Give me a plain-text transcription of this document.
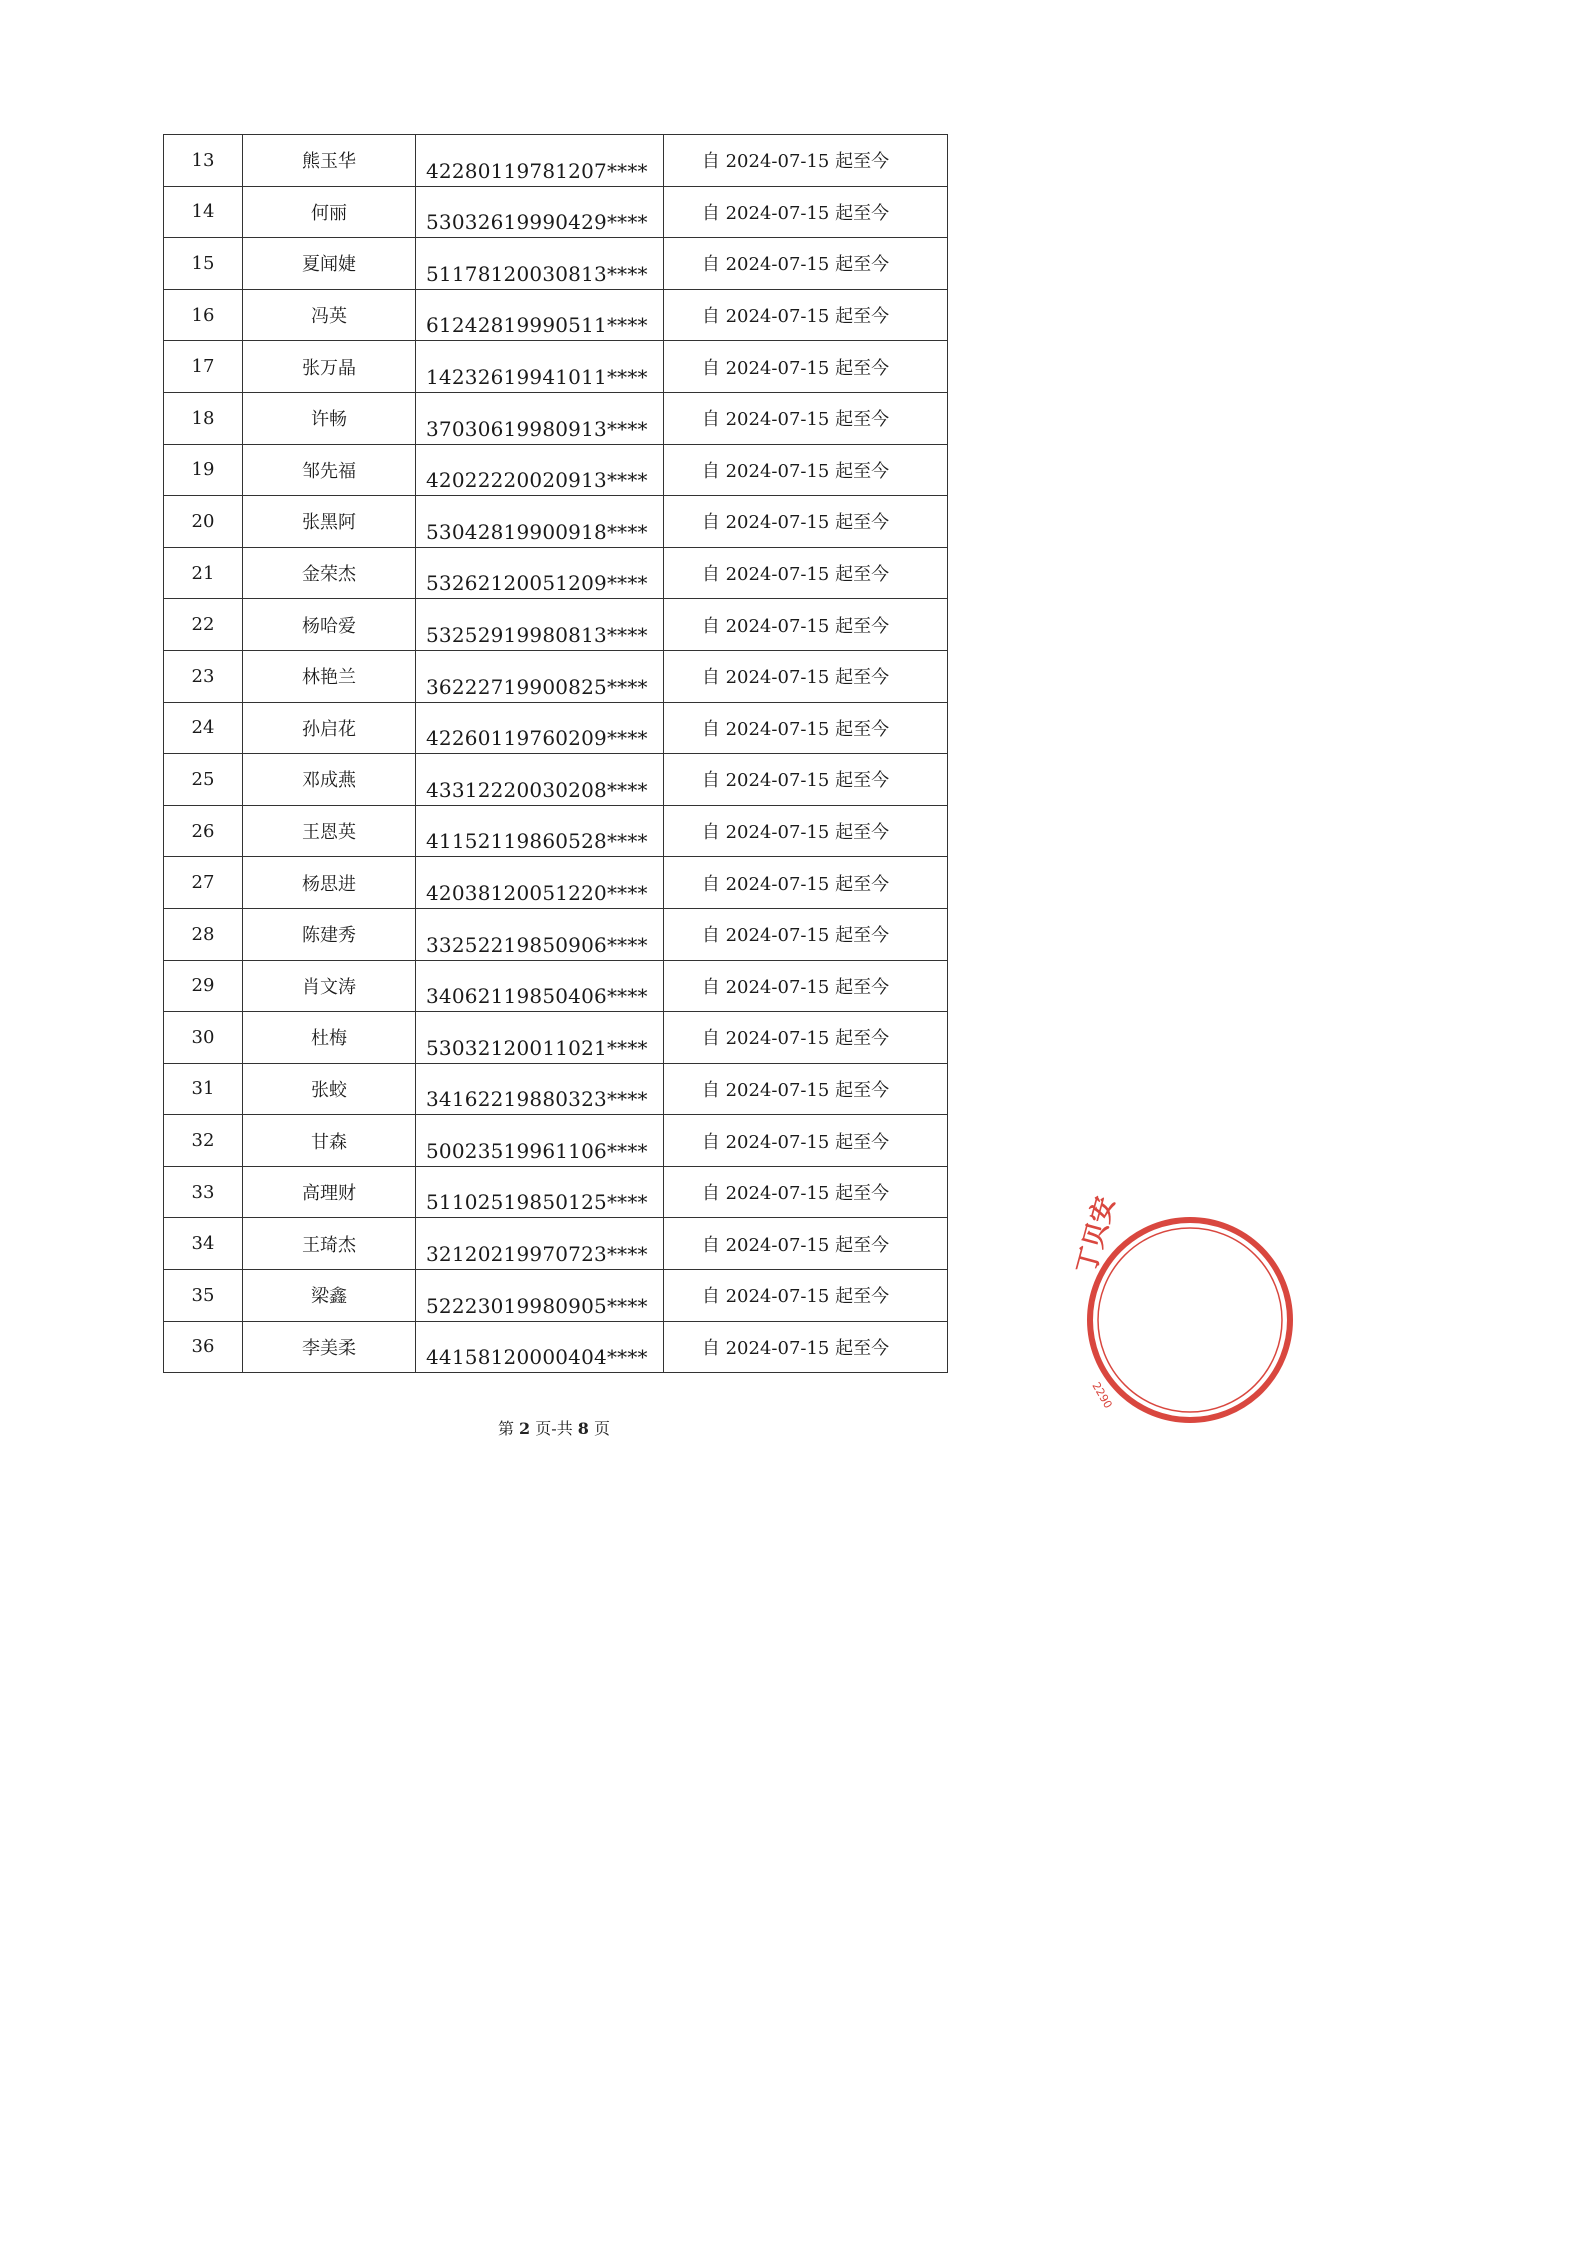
13	熊玉华	42280119781207****	自 2024-07-15 起至今
14	何丽	53032619990429****	自 2024-07-15 起至今
15	夏闻婕	51178120030813****	自 2024-07-15 起至今
16	冯英	61242819990511****	自 2024-07-15 起至今
17	张万晶	14232619941011****	自 2024-07-15 起至今
18	许畅	37030619980913****	自 2024-07-15 起至今
19	邹先福	42022220020913****	自 2024-07-15 起至今
20	张黑阿	53042819900918****	自 2024-07-15 起至今
21	金荣杰	53262120051209****	自 2024-07-15 起至今
22	杨哈爱	53252919980813****	自 2024-07-15 起至今
23	林艳兰	36222719900825****	自 2024-07-15 起至今
24	孙启花	42260119760209****	自 2024-07-15 起至今
25	邓成燕	43312220030208****	自 2024-07-15 起至今
26	王恩英	41152119860528****	自 2024-07-15 起至今
27	杨思进	42038120051220****	自 2024-07-15 起至今
28	陈建秀	33252219850906****	自 2024-07-15 起至今
29	肖文涛	34062119850406****	自 2024-07-15 起至今
30	杜梅	53032120011021****	自 2024-07-15 起至今
31	张蛟	34162219880323****	自 2024-07-15 起至今
32	甘森	50023519961106****	自 2024-07-15 起至今
33	高理财	51102519850125****	自 2024-07-15 起至今
34	王琦杰	32120219970723****	自 2024-07-15 起至今
35	梁鑫	52223019980905****	自 2024-07-15 起至今
36	李美柔	44158120000404****	自 2024-07-15 起至今
第 2 页-共 8 页
丁贝安
2290
